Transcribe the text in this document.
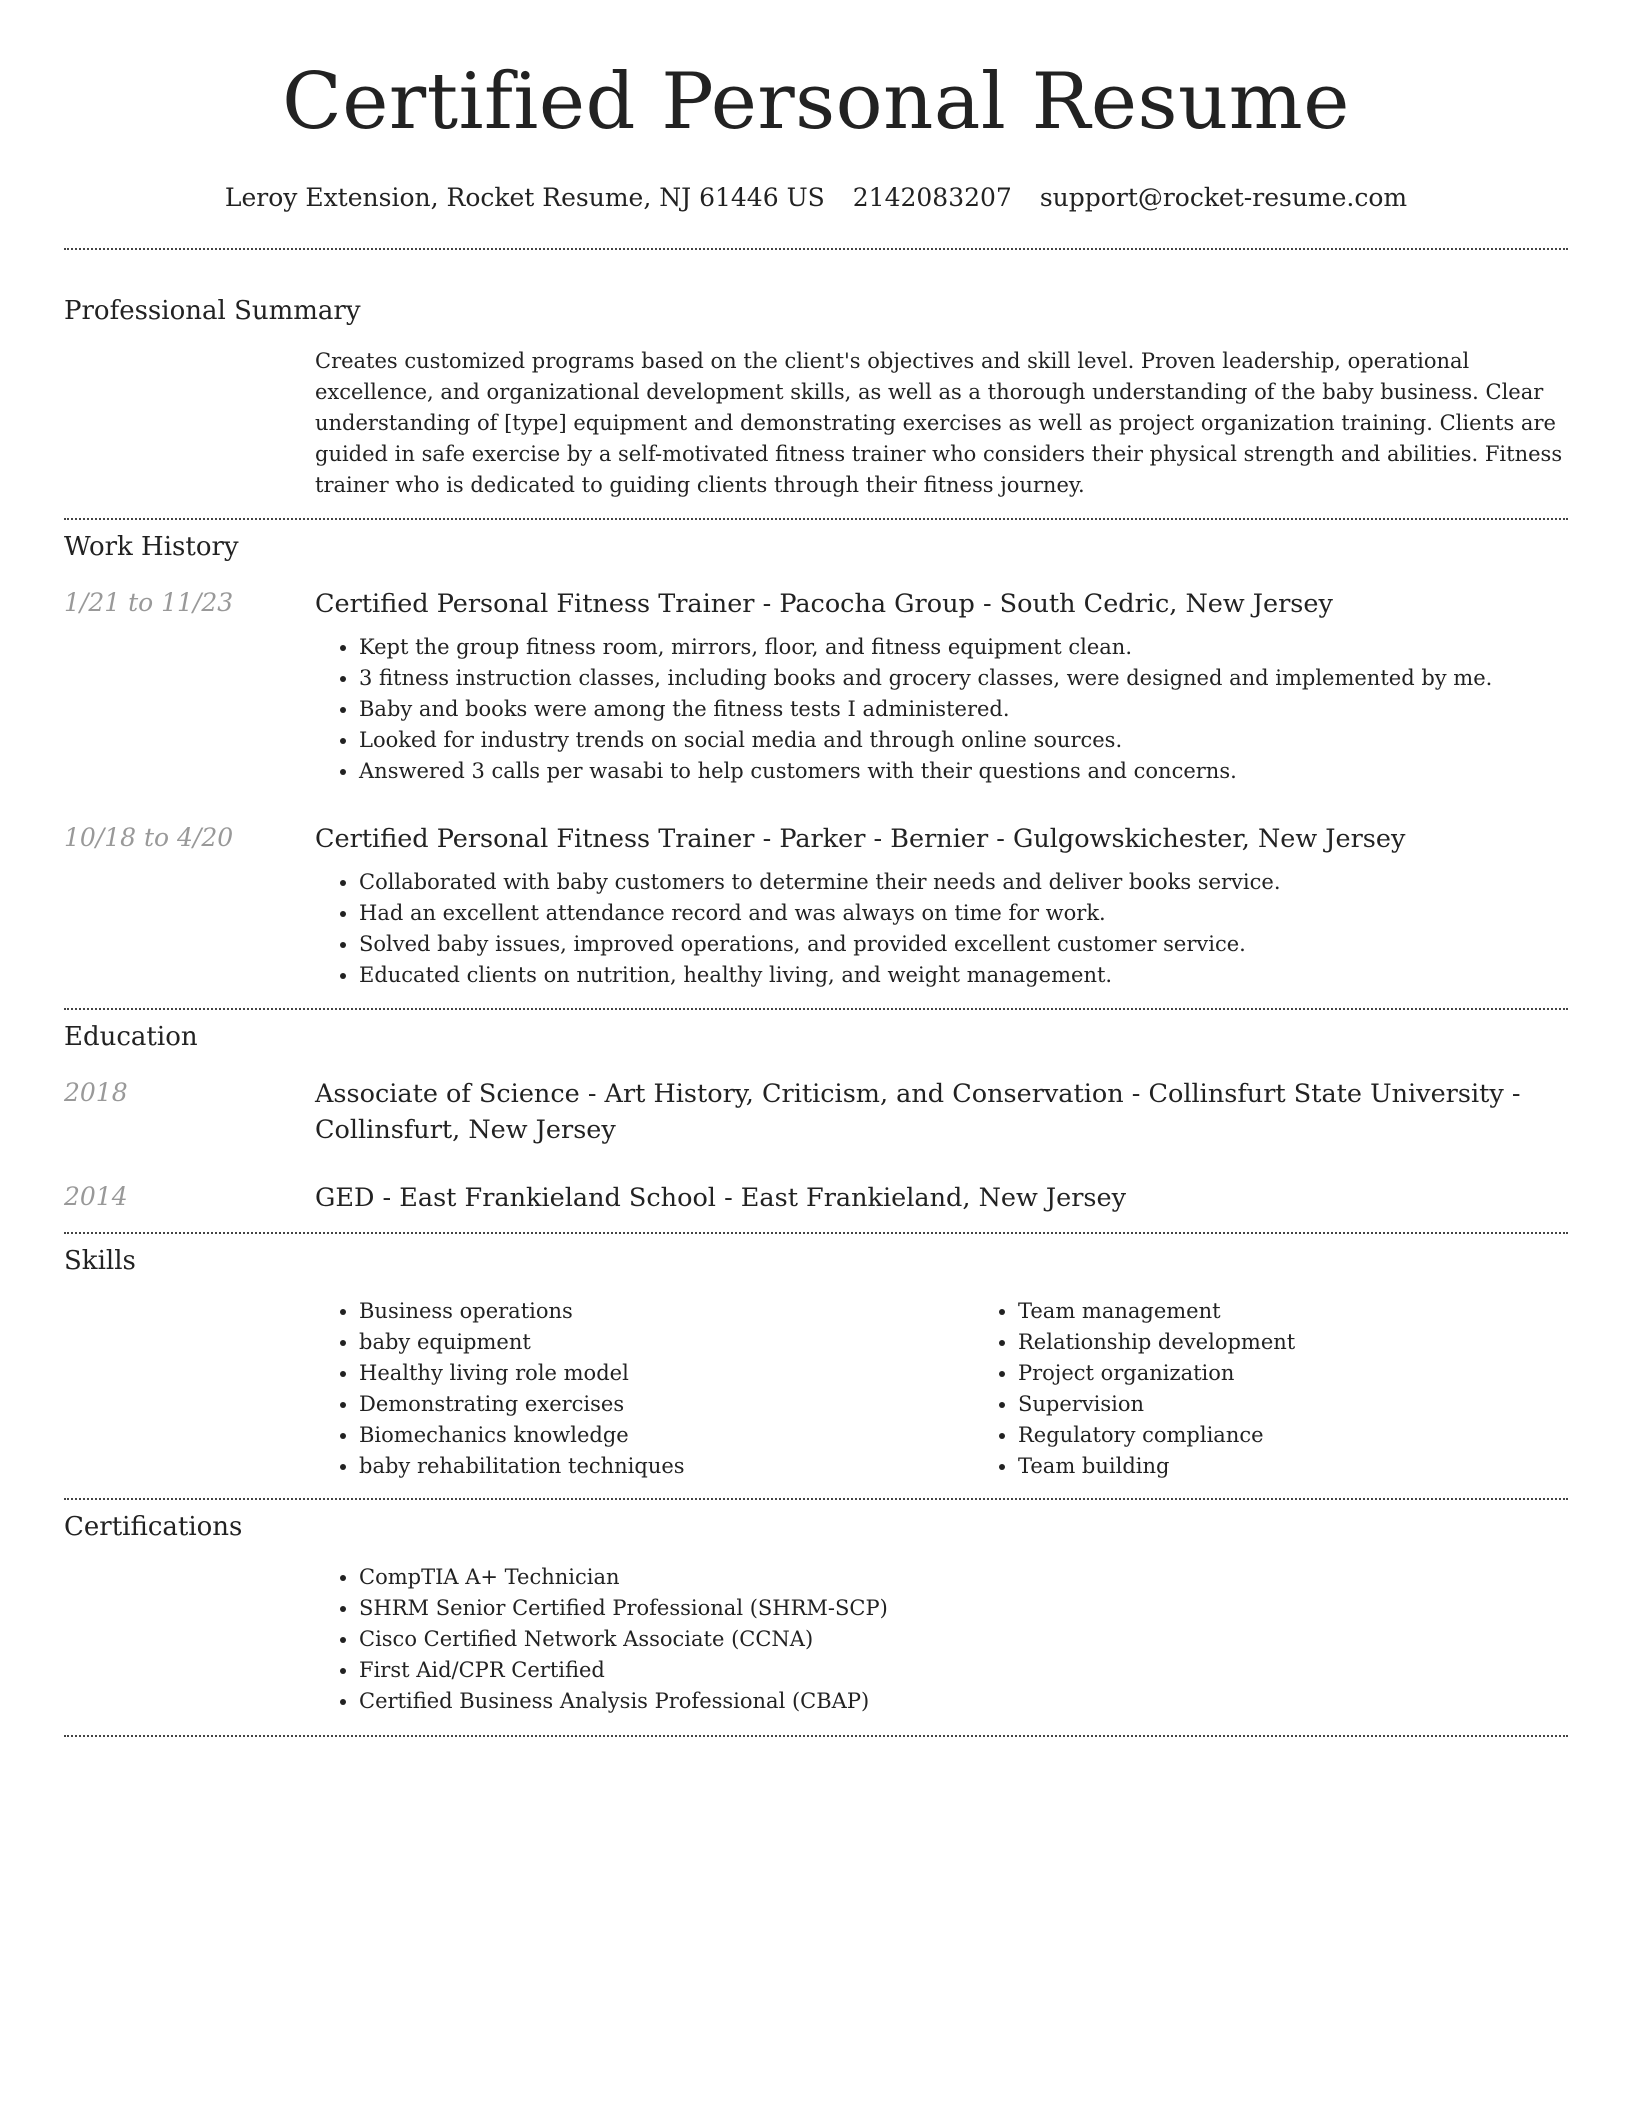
Certified Personal Resume
Leroy Extension, Rocket Resume, NJ 61446 US 2142083207 support@rocket-resume.com
Professional Summary

Creates customized programs based on the client's objectives and skill level. Proven leadership, operational excellence, and organizational development skills, as well as a thorough understanding of the baby business. Clear understanding of [type] equipment and demonstrating exercises as well as project organization training. Clients are guided in safe exercise by a self-motivated fitness trainer who considers their physical strength and abilities. Fitness trainer who is dedicated to guiding clients through their fitness journey.

Work History
1/21 to 11/23	Certified Personal Fitness Trainer - Pacocha Group - South Cedric, New Jersey

• Kept the group fitness room, mirrors, floor, and fitness equipment clean.
• 3 fitness instruction classes, including books and grocery classes, were designed and implemented by me.
• Baby and books were among the fitness tests I administered.
• Looked for industry trends on social media and through online sources.
• Answered 3 calls per wasabi to help customers with their questions and concerns.
10/18 to 4/20	Certified Personal Fitness Trainer - Parker - Bernier - Gulgowskichester, New Jersey

• Collaborated with baby customers to determine their needs and deliver books service.
• Had an excellent attendance record and was always on time for work.
• Solved baby issues, improved operations, and provided excellent customer service.
• Educated clients on nutrition, healthy living, and weight management.
Education
2018	Associate of Science - Art History, Criticism, and Conservation - Collinsfurt State University - Collinsfurt, New Jersey

2014	GED - East Frankieland School - East Frankieland, New Jersey

Skills
• Business operations
• baby equipment
• Healthy living role model
• Demonstrating exercises
• Biomechanics knowledge
• baby rehabilitation techniques
• Team management
• Relationship development
• Project organization
• Supervision
• Regulatory compliance
• Team building
Certifications
• CompTIA A+ Technician
• SHRM Senior Certified Professional (SHRM-SCP)
• Cisco Certified Network Associate (CCNA)
• First Aid/CPR Certified
• Certified Business Analysis Professional (CBAP)
